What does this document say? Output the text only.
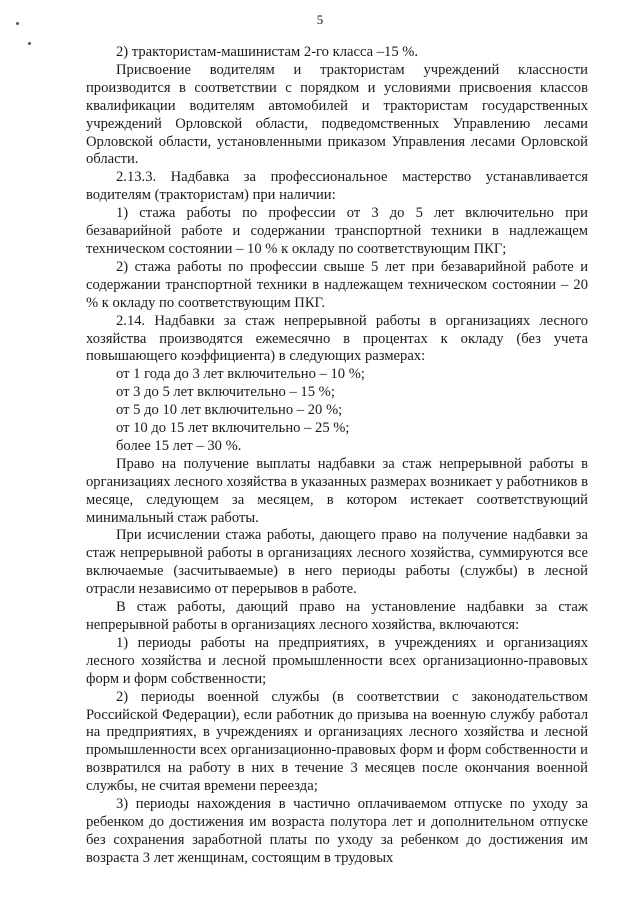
5

2) трактористам-машинистам 2-го класса –15 %.

Присвоение водителям и трактористам учреждений классности производится в соответствии с порядком и условиями присвоения классов квалификации водителям автомобилей и трактористам государственных учреждений Орловской области, подведомственных Управлению лесами Орловской области, установленными приказом Управления лесами Орловской области.

2.13.3. Надбавка за профессиональное мастерство устанавливается водителям (трактористам) при наличии:

1) стажа работы по профессии от 3 до 5 лет включительно при безаварийной работе и содержании транспортной техники в надлежащем техническом состоянии – 10 % к окладу по соответствующим ПКГ;

2) стажа работы по профессии свыше 5 лет при безаварийной работе и содержании транспортной техники в надлежащем техническом состоянии – 20 % к окладу по соответствующим ПКГ.

2.14. Надбавки за стаж непрерывной работы в организациях лесного хозяйства производятся ежемесячно в процентах к окладу (без учета повышающего коэффициента) в следующих размерах:

от 1 года до 3 лет включительно – 10 %;

от 3 до 5 лет включительно – 15 %;

от 5 до 10 лет включительно – 20 %;

от 10 до 15 лет включительно – 25 %;

более 15 лет – 30 %.

Право на получение выплаты надбавки за стаж непрерывной работы в организациях лесного хозяйства в указанных размерах возникает у работников в месяце, следующем за месяцем, в котором истекает соответствующий минимальный стаж работы.

При исчислении стажа работы, дающего право на получение надбавки за стаж непрерывной работы в организациях лесного хозяйства, суммируются все включаемые (засчитываемые) в него периоды работы (службы) в лесной отрасли независимо от перерывов в работе.

В стаж работы, дающий право на установление надбавки за стаж непрерывной работы в организациях лесного хозяйства, включаются:

1) периоды работы на предприятиях, в учреждениях и организациях лесного хозяйства и лесной промышленности всех организационно-правовых форм и форм собственности;

2) периоды военной службы (в соответствии с законодательством Российской Федерации), если работник до призыва на военную службу работал на предприятиях, в учреждениях и организациях лесного хозяйства и лесной промышленности всех организационно-правовых форм и форм собственности и возвратился на работу в них в течение 3 месяцев после окончания военной службы, не считая времени переезда;

3) периоды нахождения в частично оплачиваемом отпуске по уходу за ребенком до достижения им возраста полутора лет и дополнительном отпуске без сохранения заработной платы по уходу за ребенком до достижения им возраста 3 лет женщинам, состоящим в трудовых
